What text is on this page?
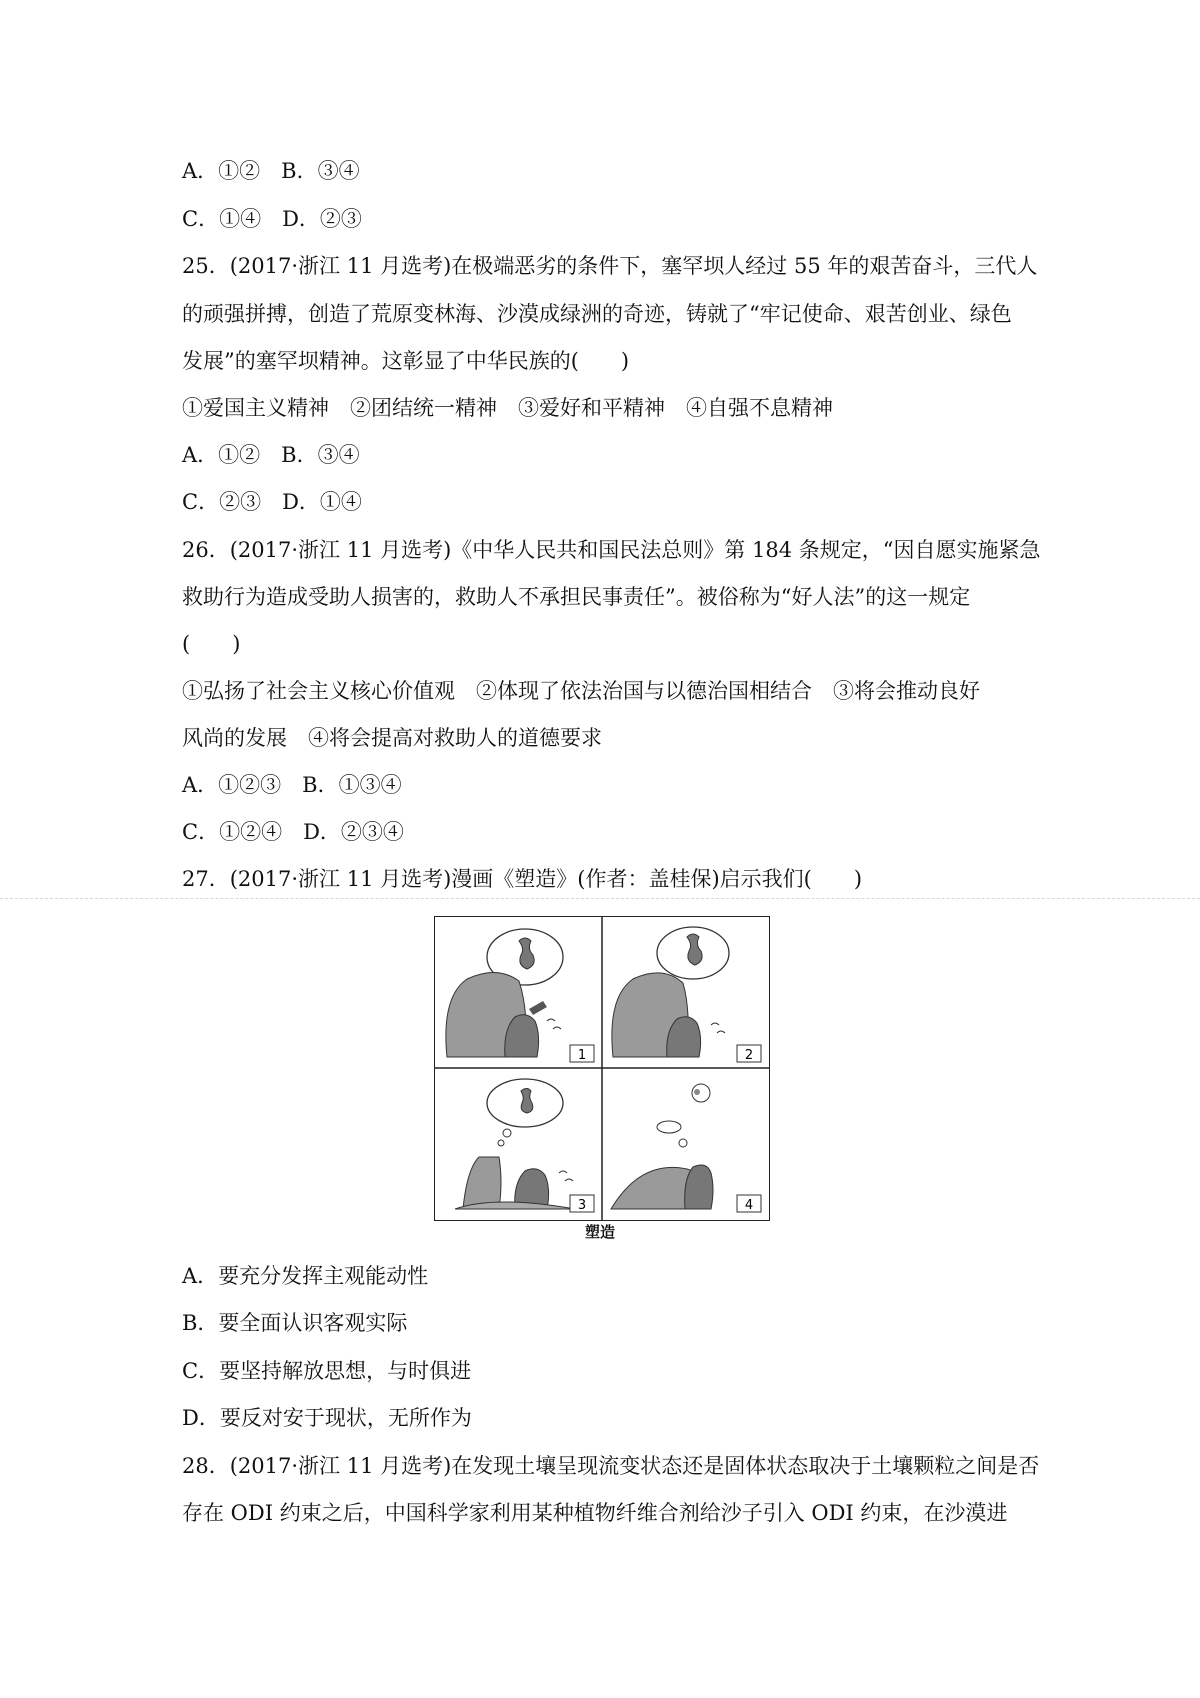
A．①②　B．③④
C．①④　D．②③
25．(2017·浙江 11 月选考)在极端恶劣的条件下，塞罕坝人经过 55 年的艰苦奋斗，三代人
的顽强拼搏，创造了荒原变林海、沙漠成绿洲的奇迹，铸就了“牢记使命、艰苦创业、绿色
发展”的塞罕坝精神。这彰显了中华民族的(　　)
①爱国主义精神　②团结统一精神　③爱好和平精神　④自强不息精神
A．①②　B．③④
C．②③　D．①④
26．(2017·浙江 11 月选考)《中华人民共和国民法总则》第 184 条规定，“因自愿实施紧急
救助行为造成受助人损害的，救助人不承担民事责任”。被俗称为“好人法”的这一规定
(　　)
①弘扬了社会主义核心价值观　②体现了依法治国与以德治国相结合　③将会推动良好
风尚的发展　④将会提高对救助人的道德要求
A．①②③　B．①③④
C．①②④　D．②③④
27．(2017·浙江 11 月选考)漫画《塑造》(作者：盖桂保)启示我们(　　)
1	2
3	4
塑造
A．要充分发挥主观能动性
B．要全面认识客观实际
C．要坚持解放思想，与时俱进
D．要反对安于现状，无所作为
28．(2017·浙江 11 月选考)在发现土壤呈现流变状态还是固体状态取决于土壤颗粒之间是否
存在 ODI 约束之后，中国科学家利用某种植物纤维合剂给沙子引入 ODI 约束，在沙漠进
